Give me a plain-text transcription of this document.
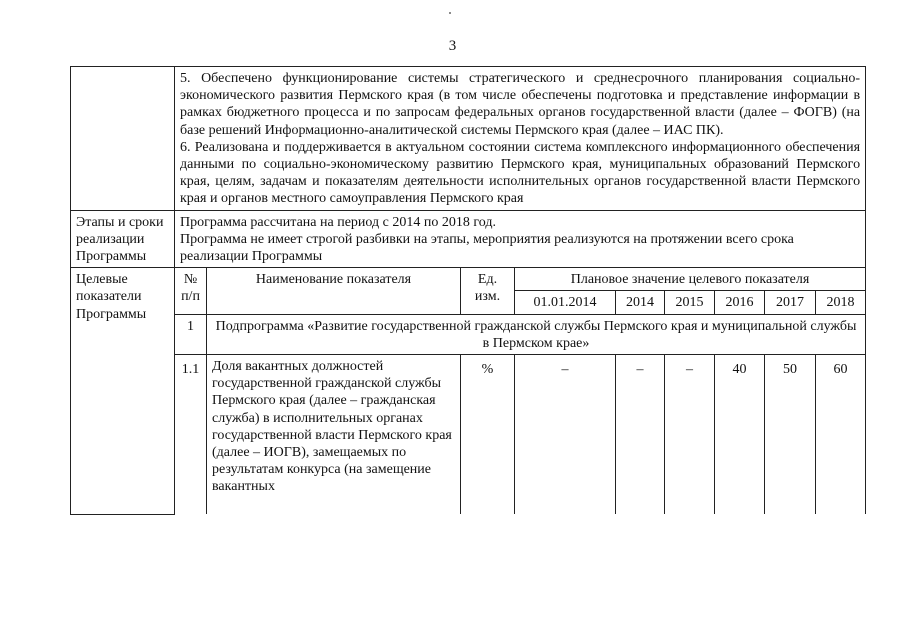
3

	5. Обеспечено функционирование системы стратегического и среднесрочного планирования социально-экономического развития Пермского края (в том числе обеспечены подготовка и представление информации в рамках бюджетного процесса и по запросам федеральных органов государственной власти (далее – ФОГВ) (на базе решений Информационно-аналитической системы Пермского края (далее – ИАС ПК).
6. Реализована и поддерживается в актуальном состоянии система комплексного информационного обеспечения данными по социально-экономическому развитию Пермского края, муниципальных образований Пермского края, целям, задачам и показателям деятельности исполнительных органов государственной власти Пермского края и органов местного самоуправления Пермского края								

Этапы и сроки реализации Программы	Программа рассчитана на период с 2014 по 2018 год.
Программа не имеет строгой разбивки на этапы, мероприятия реализуются на протяжении всего срока реализации Программы								

Целевые показатели Программы	№ п/п	Наименование показателя	Ед. изм.	Плановое значение целевого показателя					
				01.01.2014	2014	2015	2016	2017	2018
	1	Подпрограмма «Развитие государственной гражданской службы Пермского края и муниципальной службы в Пермском крае»							
	1.1	Доля вакантных должностей государственной гражданской службы Пермского края (далее – гражданская служба) в исполнительных органах государственной власти Пермского края (далее – ИОГВ), замещаемых по результатам конкурса (на замещение вакантных	%	–	–	–	40	50	60
